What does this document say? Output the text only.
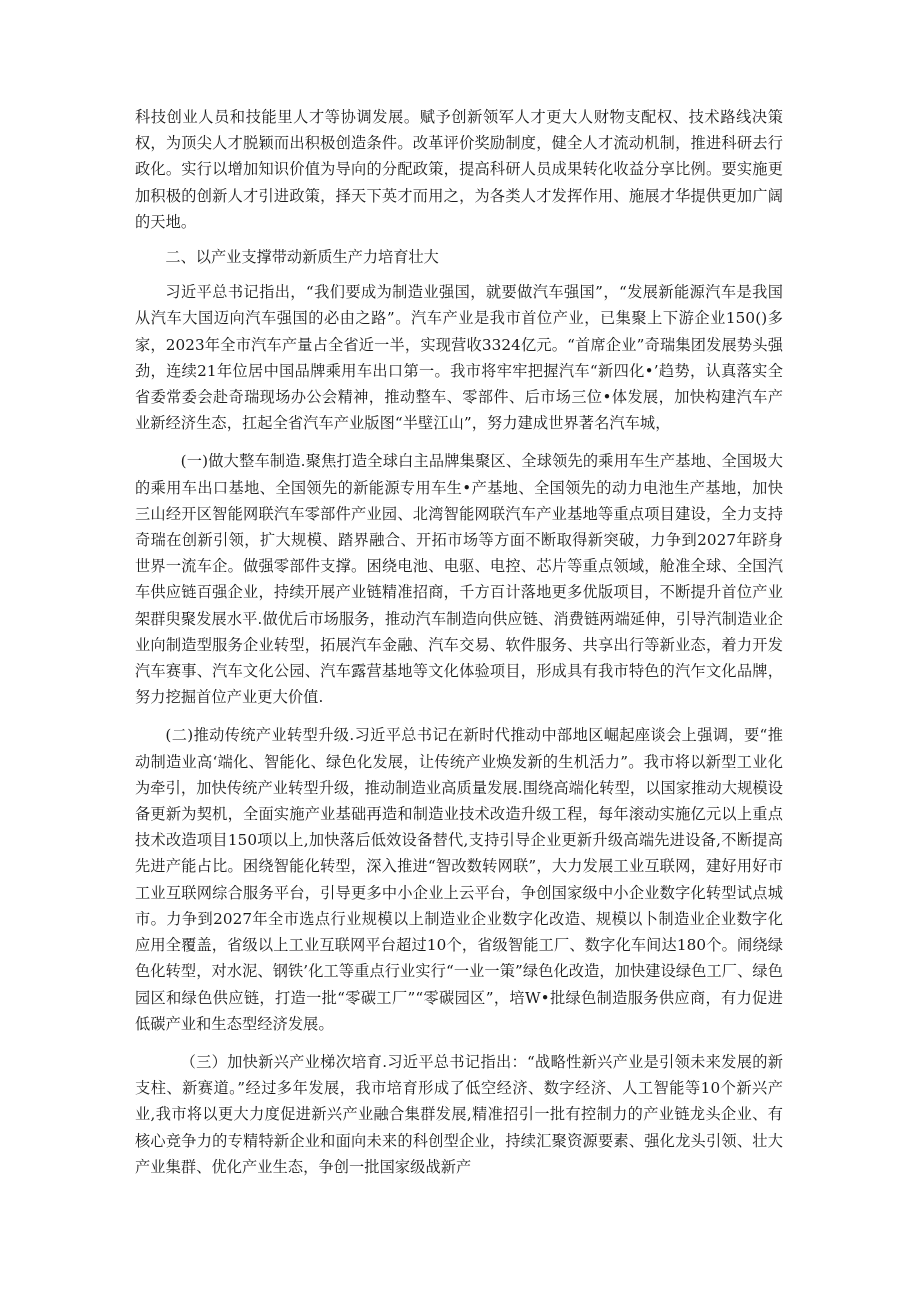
科技创业人员和技能里人才等协调发展。赋予创新领军人才更大人财物支配权、技术路线决策权，为顶尖人才脱颖而出积极创造条件。改革评价奖励制度，健全人才流动机制，推进科研去行政化。实行以增加知识价值为导向的分配政策，提高科研人员成果转化收益分享比例。要实施更加积极的创新人才引进政策，择天下英才而用之，为各类人才发挥作用、施展才华提供更加广阔的天地。

二、以产业支撑带动新质生产力培育壮大

习近平总书记指出，“我们要成为制造业强国，就要做汽车强国”，“发展新能源汽车是我国从汽车大国迈向汽车强国的必由之路”。汽车产业是我市首位产业，已集聚上下游企业150()多家，2023年全市汽车产量占全省近一半，实现营收3324亿元。“首席企业”奇瑞集团发展势头强劲，连续21年位居中国品牌乘用车出口第一。我市将牢牢把握汽车“新四化•’趋势，认真落实全省委常委会赴奇瑞现场办公会精神，推动整车、零部件、后市场三位•体发展，加快构建汽车产业新经济生态，扛起全省汽车产业版图“半壁江山”，努力建成世界著名汽车城，

(一)做大整车制造.聚焦打造全球白主品牌集聚区、全球领先的乘用车生产基地、全国圾大的乘用车出口基地、全国领先的新能源专用车生•产基地、全国领先的动力电池生产基地，加快三山经开区智能网联汽车零部件产业园、北湾智能网联汽车产业基地等重点项目建设，全力支持奇瑞在创新引领，扩大规模、踏界融合、开拓市场等方面不断取得新突破，力争到2027年跻身世界一流车企。做强零部件支撑。困绕电池、电驱、电控、芯片等重点领域，舱准全球、全国汽车供应链百强企业，持续开展产业链精准招商，千方百计落地更多优版项目，不断提升首位产业架群臾聚发展水平.做优后市场服务，推动汽车制造向供应链、消费链两端延伸，引导汽制造业企业向制造型服务企业转型，拓展汽车金融、汽车交易、软件服务、共享出行等新业态，着力开发汽车赛事、汽车文化公园、汽车露营基地等文化体验项目，形成具有我市特色的汽乍文化品牌，努力挖掘首位产业更大价值.

(二)推动传统产业转型升级.习近平总书记在新时代推动中部地区崛起座谈会上强调，要“推动制造业高‘端化、智能化、绿色化发展，让传统产业焕发新的生机活力”。我市将以新型工业化为牵引，加快传统产业转型升级，推动制造业高质量发展.围绕高端化转型，以国家推动大规模设备更新为契机，全面实施产业基础再造和制造业技术改造升级工程，每年滚动实施亿元以上重点技术改造项目150项以上,加快落后低效设备替代,支持引导企业更新升级高端先进设备,不断提高先进产能占比。困绕智能化转型，深入推进“智改数转网联”，大力发展工业互联网，建好用好市工业互联网综合服务平台，引导更多中小企业上云平台，争创国家级中小企业数字化转型试点城市。力争到2027年全市选点行业规模以上制造业企业数字化改造、规模以卜制造业企业数字化应用全覆盖，省级以上工业互联网平台超过10个，省级智能工厂、数字化车间达180个。闹绕绿色化转型，对水泥、钢铁’化工等重点行业实行“一业一策”绿色化改造，加快建设绿色工厂、绿色园区和绿色供应链，打造一批“零碳工厂”“零碳园区”，培W•批绿色制造服务供应商，有力促进低碳产业和生态型经济发展。

（三）加快新兴产业梯次培育.习近平总书记指出：“战略性新兴产业是引领未来发展的新支柱、新赛道。”经过多年发展，我市培育形成了低空经济、数字经济、人工智能等10个新兴产业,我市将以更大力度促进新兴产业融合集群发展,精准招引一批有控制力的产业链龙头企业、有核心竞争力的专精特新企业和面向未来的科创型企业，持续汇聚资源要素、强化龙头引领、壮大产业集群、优化产业生态，争创一批国家级战新产
